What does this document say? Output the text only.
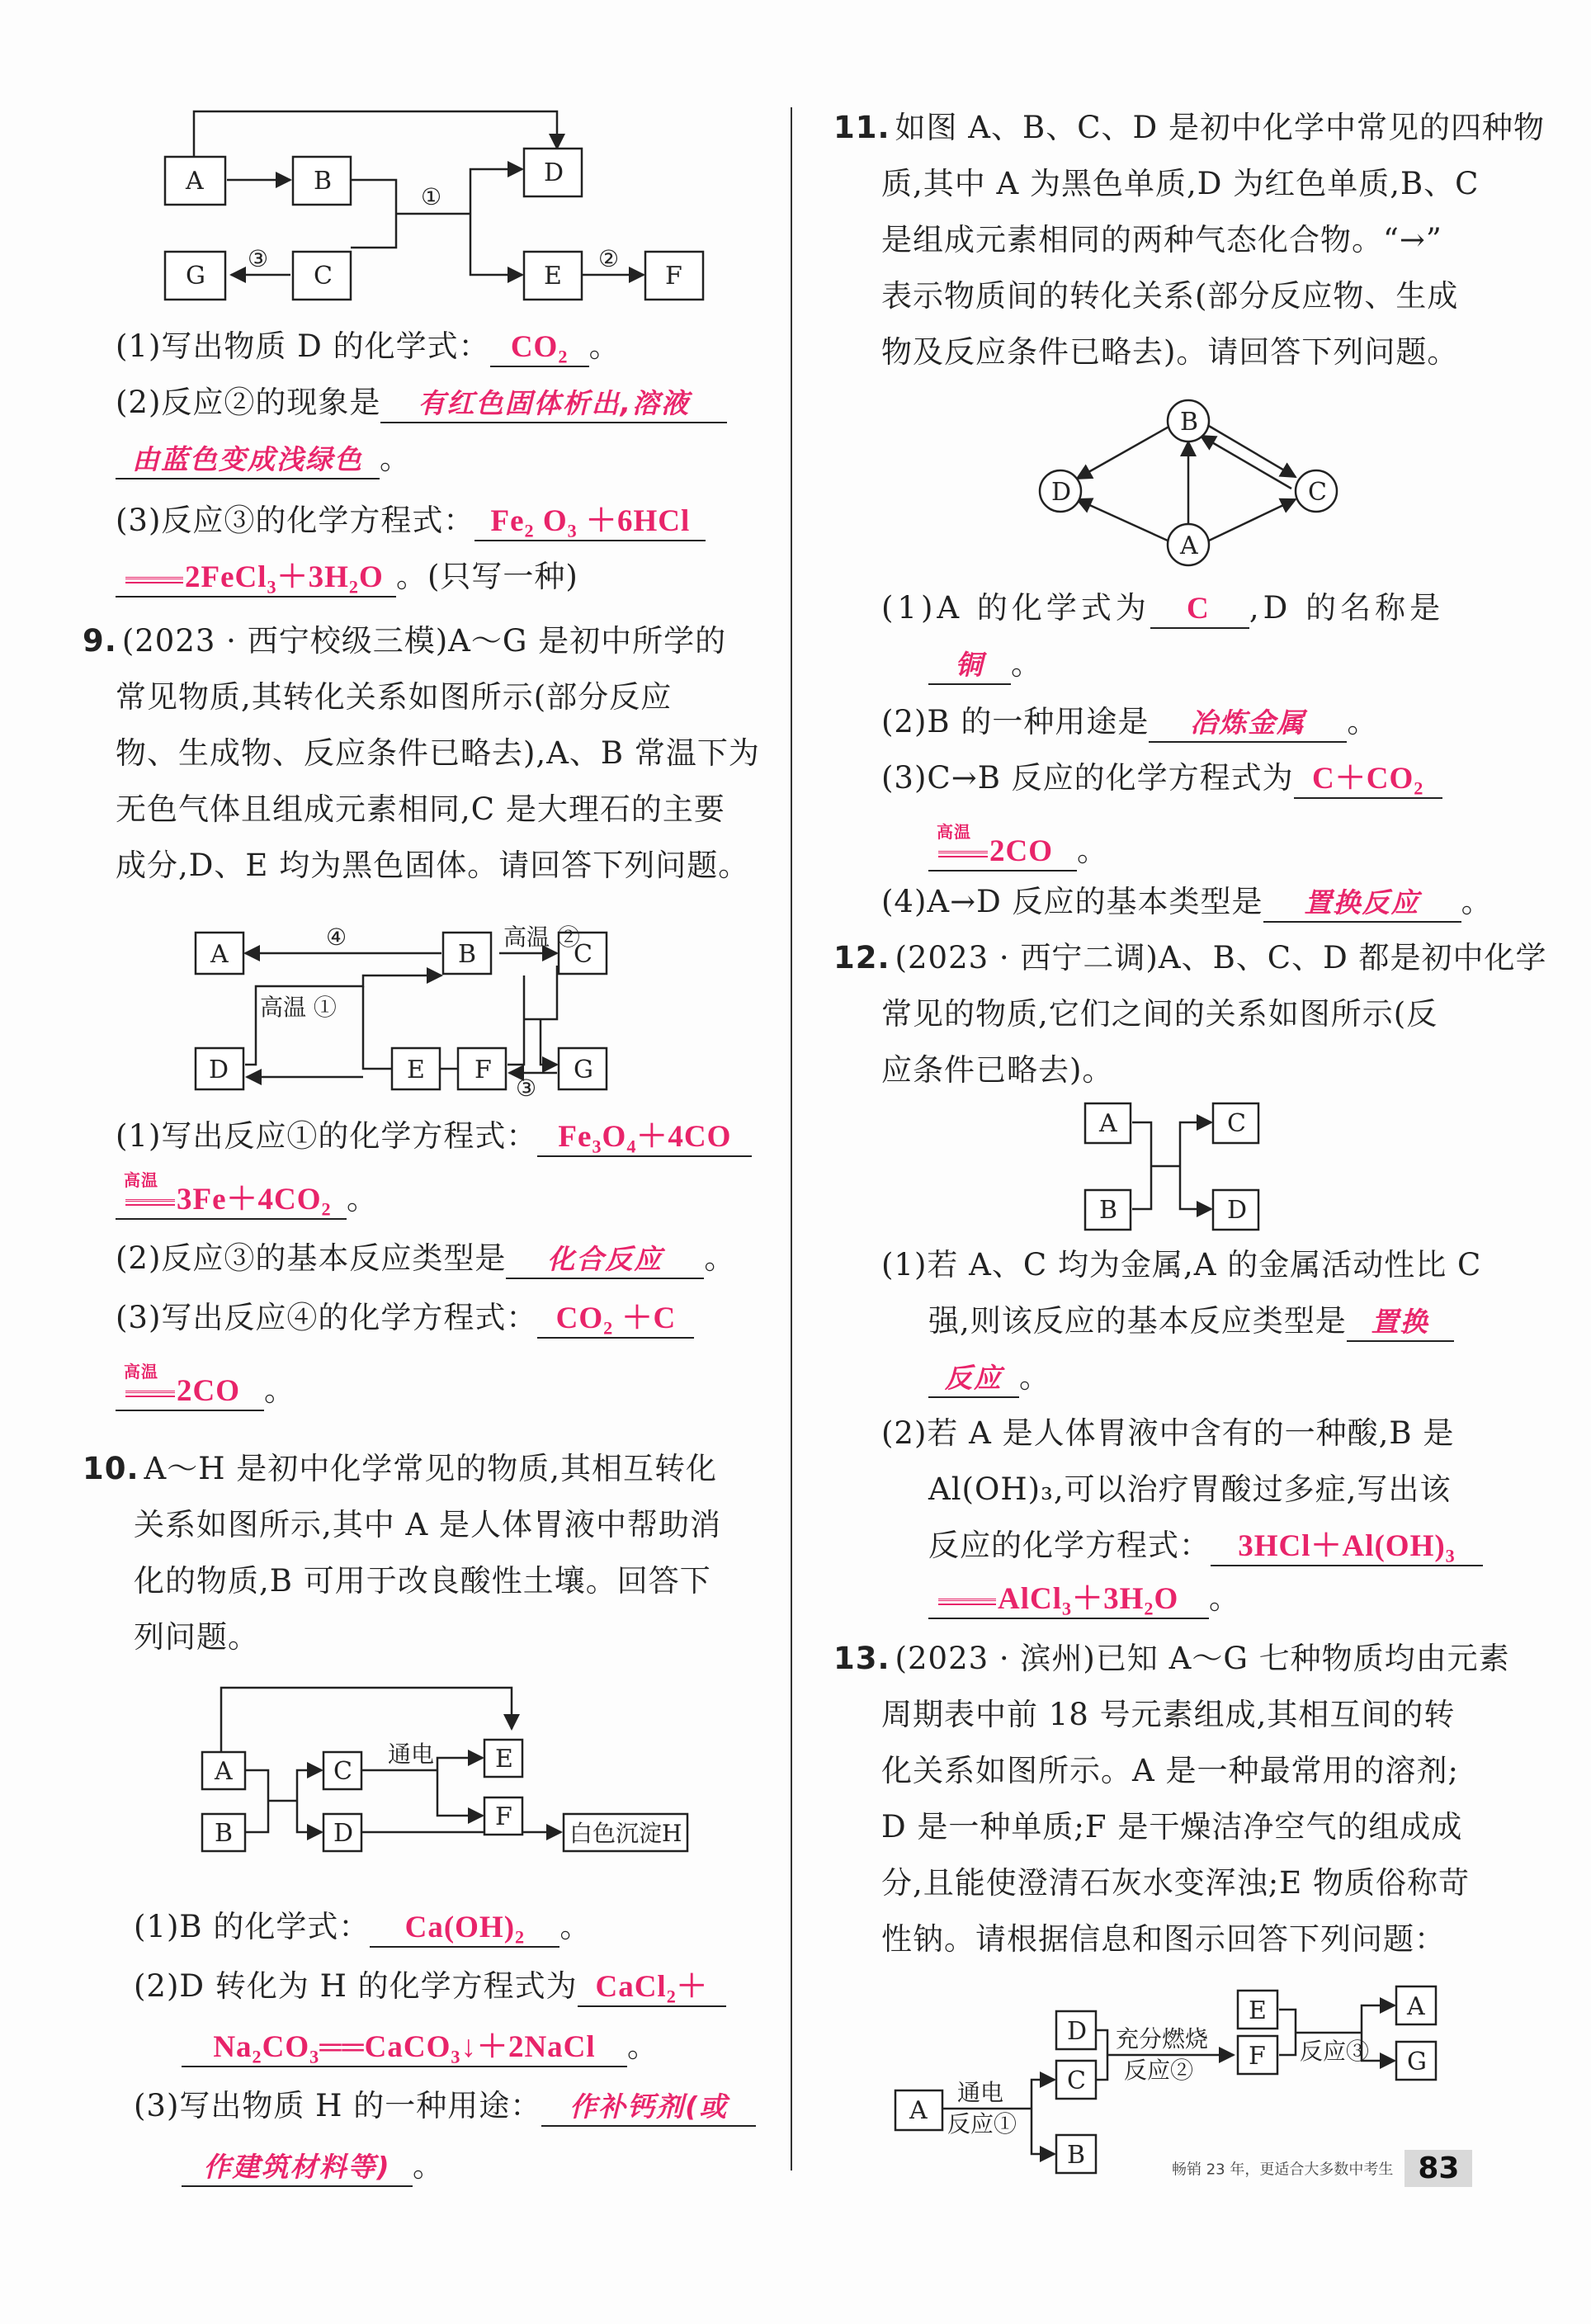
A	B	D
G	C	E	F
①
③	②
(1)写出物质 D 的化学式： CO₂ 。
(2)反应②的现象是 有红色固体析出,溶液
由蓝色变成浅绿色 。
(3)反应③的化学方程式： Fe₂ O₃ ＋6HCl
2FeCl₃＋3H₂O 。(只写一种)
9. (2023 · 西宁校级三模)A～G 是初中所学的
常见物质,其转化关系如图所示(部分反应
物、生成物、反应条件已略去),A、B 常温下为
无色气体且组成元素相同,C 是大理石的主要
成分,D、E 均为黑色固体。请回答下列问题。
A	B	C
D	E F	G
④	高温 ②
高温 ①
③
(1)写出反应①的化学方程式： Fe₃O₄＋4CO
高温
3Fe＋4CO₂ 。
(2)反应③的基本反应类型是 化合反应 。
(3)写出反应④的化学方程式： CO₂ ＋C
高温
2CO 。
10. A～H 是初中化学常见的物质,其相互转化
关系如图所示,其中 A 是人体胃液中帮助消
化的物质,B 可用于改良酸性土壤。回答下
列问题。
A
B
C
D
E
F
白色沉淀H
通电
(1)B 的化学式： Ca(OH)₂ 。
(2)D 转化为 H 的化学方程式为 CaCl₂＋
Na₂CO₃══CaCO₃↓＋2NaCl 。
(3)写出物质 H 的一种用途： 作补钙剂(或
作建筑材料等) 。
11. 如图 A、B、C、D 是初中化学中常见的四种物
质,其中 A 为黑色单质,D 为红色单质,B、C
是组成元素相同的两种气态化合物。“→”
表示物质间的转化关系(部分反应物、生成
物及反应条件已略去)。请回答下列问题。
B
D	C
A
(1)A 的化学式为 C ,D 的名称是
铜 。
(2)B 的一种用途是 冶炼金属 。
(3)C→B 反应的化学方程式为 C＋CO₂
高温
2CO 。
(4)A→D 反应的基本类型是 置换反应 。
12. (2023 · 西宁二调)A、B、C、D 都是初中化学
常见的物质,它们之间的关系如图所示(反
应条件已略去)。
A
B
C
D
(1)若 A、C 均为金属,A 的金属活动性比 C
强,则该反应的基本反应类型是 置换
反应 。
(2)若 A 是人体胃液中含有的一种酸,B 是
Al(OH)₃,可以治疗胃酸过多症,写出该
反应的化学方程式： 3HCl＋Al(OH)₃
AlCl₃＋3H₂O 。
13. (2023 · 滨州)已知 A～G 七种物质均由元素
周期表中前 18 号元素组成,其相互间的转
化关系如图所示。A 是一种最常用的溶剂;
D 是一种单质;F 是干燥洁净空气的组成成
分,且能使澄清石灰水变浑浊;E 物质俗称苛
性钠。请根据信息和图示回答下列问题：
A
D
C
B
E
F
A
G
通电
反应①
充分燃烧
反应②
反应③
畅销 23 年，更适合大多数中考生 83
